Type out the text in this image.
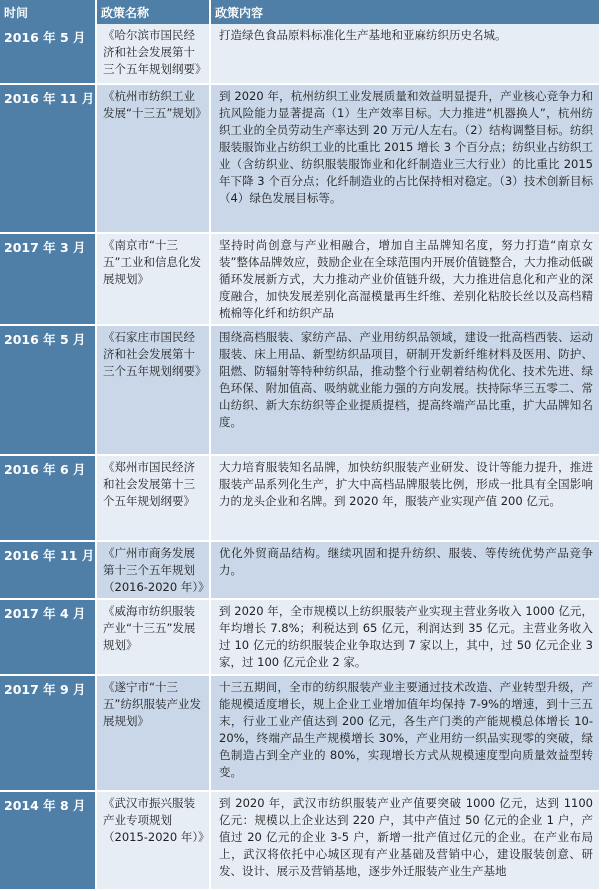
时间	政策名称	政策内容
2016 年 5 月	《哈尔滨市国民经济和社会发展第十三个五年规划纲要》	打造绿色食品原料标准化生产基地和亚麻纺织历史名城。
2016 年 11 月	《杭州市纺织工业发展“十三五”规划》	到 2020 年，杭州纺织工业发展质量和效益明显提升，产业核心竞争力和抗风险能力显著提高（1）生产效率目标。大力推进“机器换人”，杭州纺织工业的全员劳动生产率达到 20 万元/人左右。（2）结构调整目标。纺织服装服饰业占纺织工业的比重比 2015 增长 3 个百分点；纺织业占纺织工业（含纺织业、纺织服装服饰业和化纤制造业三大行业）的比重比 2015 年下降 3 个百分点；化纤制造业的占比保持相对稳定。（3）技术创新目标（4）绿色发展目标等。
2017 年 3 月	《南京市“十三五”工业和信息化发展规划》	坚持时尚创意与产业相融合，增加自主品牌知名度，努力打造“南京女装”整体品牌效应，鼓励企业在全球范围内开展价值链整合，大力推动低碳循环发展新方式，大力推动产业价值链升级，大力推进信息化和产业的深度融合，加快发展差别化高湿模量再生纤维、差别化粘胶长丝以及高档精梳棉等化纤和纺织产品
2016 年 5 月	《石家庄市国民经济和社会发展第十三个五年规划纲要》	围绕高档服装、家纺产品、产业用纺织品领域，建设一批高档西装、运动服装、床上用品、新型纺织品项目，研制开发新纤维材料及医用、防护、阻燃、防辐射等特种纺织品，推动整个行业朝着结构优化、技术先进、绿色环保、附加值高、吸纳就业能力强的方向发展。扶持际华三五零二、常山纺织、新大东纺织等企业提质提档，提高终端产品比重，扩大品牌知名度。
2016 年 6 月	《郑州市国民经济和社会发展第十三个五年规划纲要》	大力培育服装知名品牌，加快纺织服装产业研发、设计等能力提升，推进服装产品系列化生产，扩大中高档品牌服装比例，形成一批具有全国影响力的龙头企业和名牌。到 2020 年，服装产业实现产值 200 亿元。
2016 年 11 月	《广州市商务发展第十三个五年规划（2016-2020 年）》	优化外贸商品结构。继续巩固和提升纺织、服装、等传统优势产品竞争力。
2017 年 4 月	《威海市纺织服装产业“十三五”发展规划》	到 2020 年，全市规模以上纺织服装产业实现主营业务收入 1000 亿元，年均增长 7.8%；利税达到 65 亿元，利润达到 35 亿元。主营业务收入过 10 亿元的纺织服装企业争取达到 7 家以上，其中，过 50 亿元企业 3 家，过 100 亿元企业 2 家。
2017 年 9 月	《遂宁市“十三五”纺织服装产业发展规划》	十三五期间，全市的纺织服装产业主要通过技术改造、产业转型升级，产能规模适度增长，规上企业工业增加值年均保持 7-9%的增速，到十三五末，行业工业产值达到 200 亿元，各生产门类的产能规模总体增长 10-20%，终端产品生产规模增长 30%，产业用纺一织品实现零的突破，绿色制造占到全产业的 80%，实现增长方式从规模速度型向质量效益型转变。
2014 年 8 月	《武汉市振兴服装产业专项规划（2015-2020 年）》	到 2020 年，武汉市纺织服装产业产值要突破 1000 亿元，达到 1100 亿元：规模以上企业达到 220 户，其中产值过 50 亿元的企业 1 户，产值过 20 亿元的企业 3-5 户，新增一批产值过亿元的企业。在产业布局上，武汉将依托中心城区现有产业基础及营销中心，建设服装创意、研发、设计、展示及营销基地，逐步外迁服装产业生产基地
